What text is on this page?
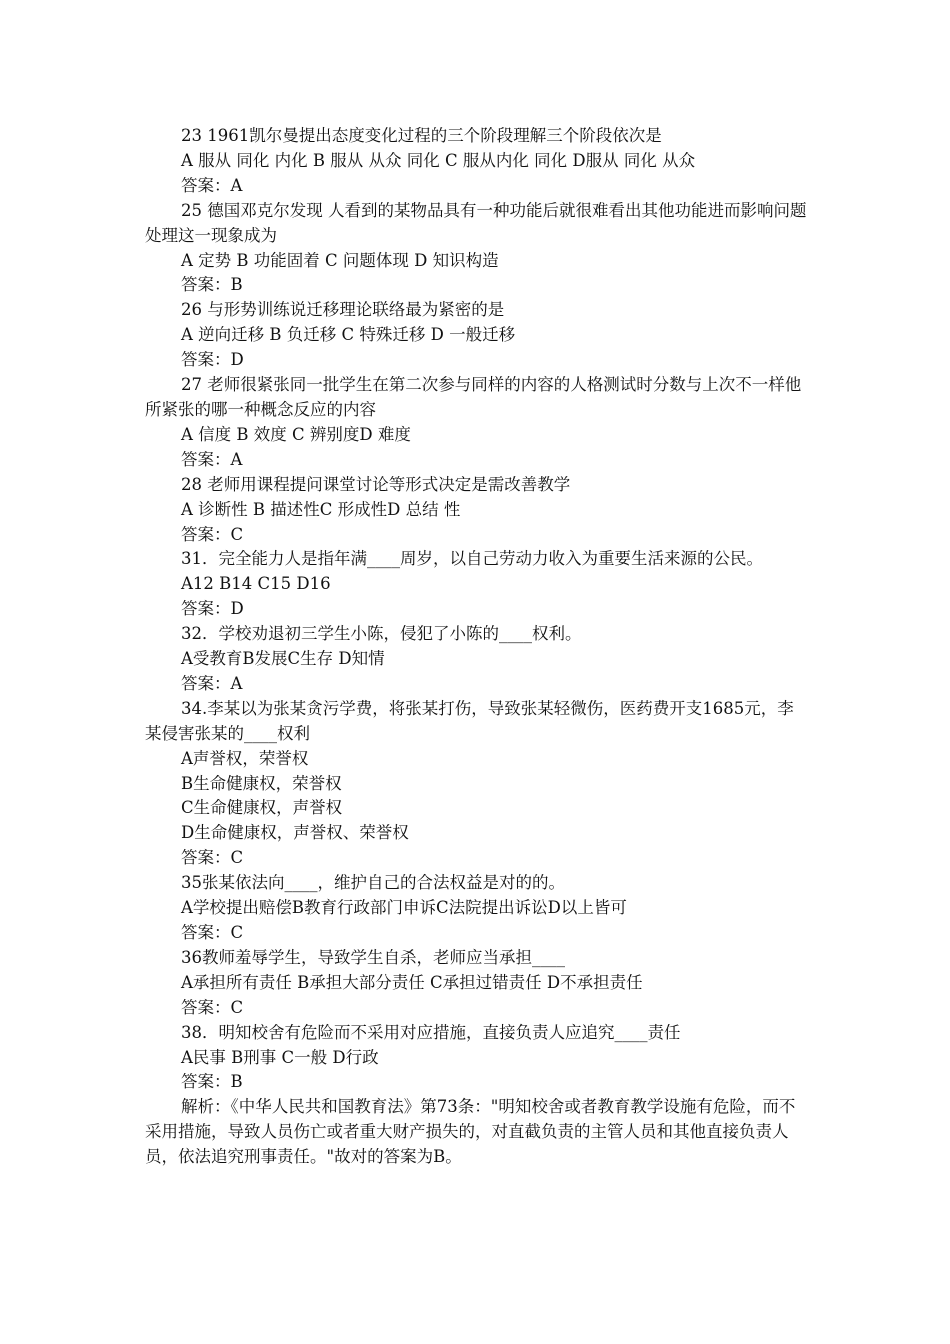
23 1961凯尔曼提出态度变化过程的三个阶段理解三个阶段依次是

A 服从 同化 内化 B 服从 从众 同化 C 服从内化 同化 D服从 同化 从众

答案：A

25 德国邓克尔发现 人看到的某物品具有一种功能后就很难看出其他功能进而影响问题处理这一现象成为

A 定势 B 功能固着 C 问题体现 D 知识构造

答案：B

26 与形势训练说迁移理论联络最为紧密的是

A 逆向迁移 B 负迁移 C 特殊迁移 D 一般迁移

答案：D

27 老师很紧张同一批学生在第二次参与同样的内容的人格测试时分数与上次不一样他所紧张的哪一种概念反应的内容

A 信度 B 效度 C 辨别度D 难度

答案：A

28 老师用课程提问课堂讨论等形式决定是需改善教学

A 诊断性 B 描述性C 形成性D 总结 性

答案：C

31．完全能力人是指年满____周岁，以自己劳动力收入为重要生活来源的公民。

A12 B14 C15 D16

答案：D

32．学校劝退初三学生小陈，侵犯了小陈的____权利。

A受教育B发展C生存 D知情

答案：A

34.李某以为张某贪污学费，将张某打伤，导致张某轻微伤，医药费开支1685元，李某侵害张某的____权利

A声誉权，荣誉权

B生命健康权，荣誉权

C生命健康权，声誉权

D生命健康权，声誉权、荣誉权

答案：C

35张某依法向____，维护自己的合法权益是对的的。

A学校提出赔偿B教育行政部门申诉C法院提出诉讼D以上皆可

答案：C

36教师羞辱学生，导致学生自杀，老师应当承担____

A承担所有责任 B承担大部分责任 C承担过错责任 D不承担责任

答案：C

38．明知校舍有危险而不采用对应措施，直接负责人应追究____责任

A民事 B刑事 C一般 D行政

答案：B

解析：《中华人民共和国教育法》第73条："明知校舍或者教育教学设施有危险，而不采用措施，导致人员伤亡或者重大财产损失的，对直截负责的主管人员和其他直接负责人员，依法追究刑事责任。"故对的答案为B。
